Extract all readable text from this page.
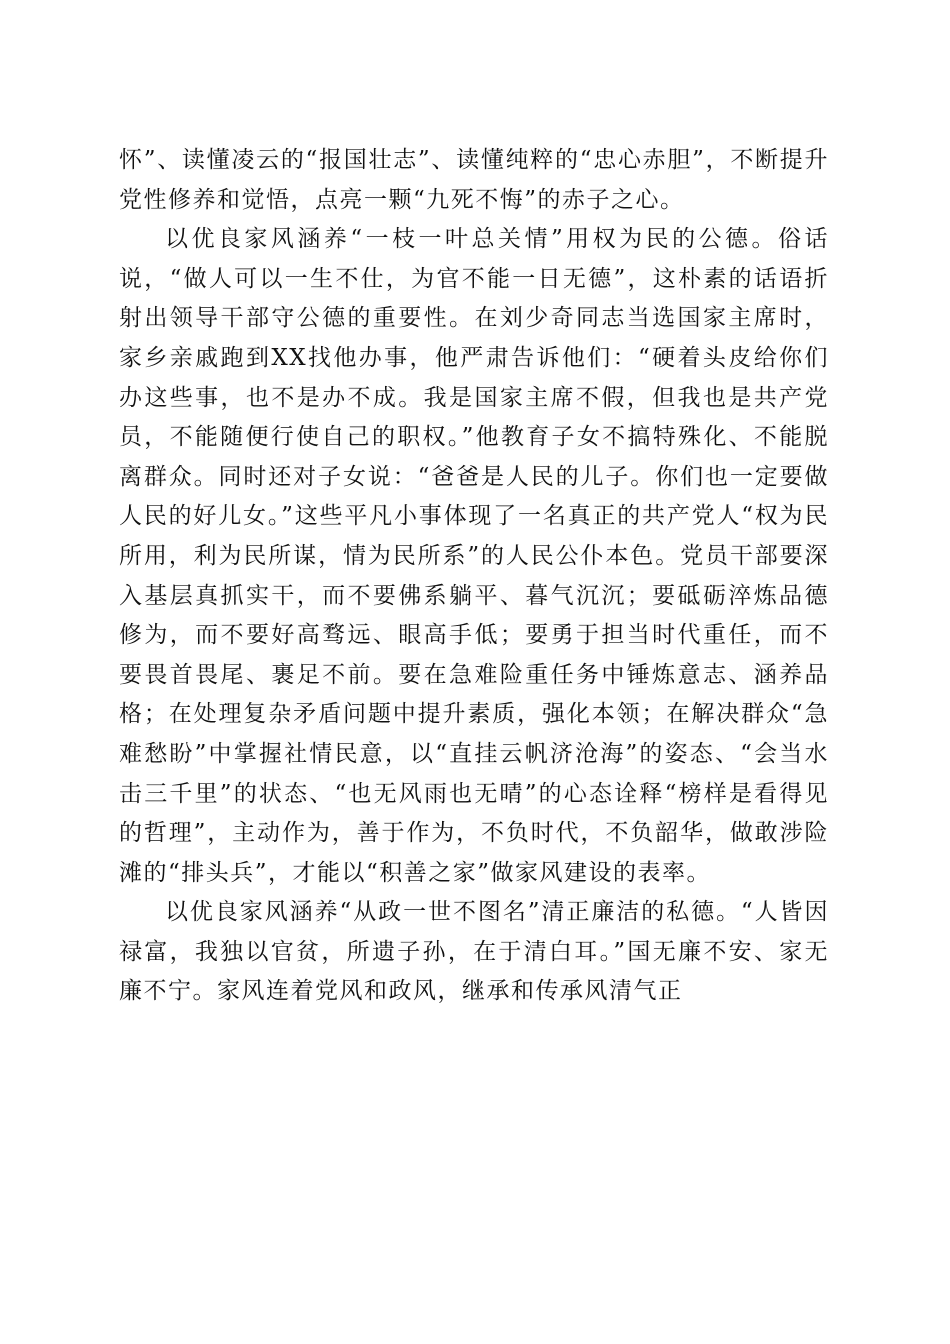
怀”、读懂凌云的“报国壮志”、读懂纯粹的“忠心赤胆”，不断提升党性修养和觉悟，点亮一颗“九死不悔”的赤子之心。

以优良家风涵养“一枝一叶总关情”用权为民的公德。俗话说，“做人可以一生不仕，为官不能一日无德”，这朴素的话语折射出领导干部守公德的重要性。在刘少奇同志当选国家主席时，家乡亲戚跑到XX找他办事，他严肃告诉他们：“硬着头皮给你们办这些事，也不是办不成。我是国家主席不假，但我也是共产党员，不能随便行使自己的职权。”他教育子女不搞特殊化、不能脱离群众。同时还对子女说：“爸爸是人民的儿子。你们也一定要做人民的好儿女。”这些平凡小事体现了一名真正的共产党人“权为民所用，利为民所谋，情为民所系”的人民公仆本色。党员干部要深入基层真抓实干，而不要佛系躺平、暮气沉沉；要砥砺淬炼品德修为，而不要好高骛远、眼高手低；要勇于担当时代重任，而不要畏首畏尾、裹足不前。要在急难险重任务中锤炼意志、涵养品格；在处理复杂矛盾问题中提升素质，强化本领；在解决群众“急难愁盼”中掌握社情民意，以“直挂云帆济沧海”的姿态、“会当水击三千里”的状态、“也无风雨也无晴”的心态诠释“榜样是看得见的哲理”，主动作为，善于作为，不负时代，不负韶华，做敢涉险滩的“排头兵”，才能以“积善之家”做家风建设的表率。

以优良家风涵养“从政一世不图名”清正廉洁的私德。“人皆因禄富，我独以官贫，所遗子孙，在于清白耳。”国无廉不安、家无廉不宁。家风连着党风和政风，继承和传承风清气正
